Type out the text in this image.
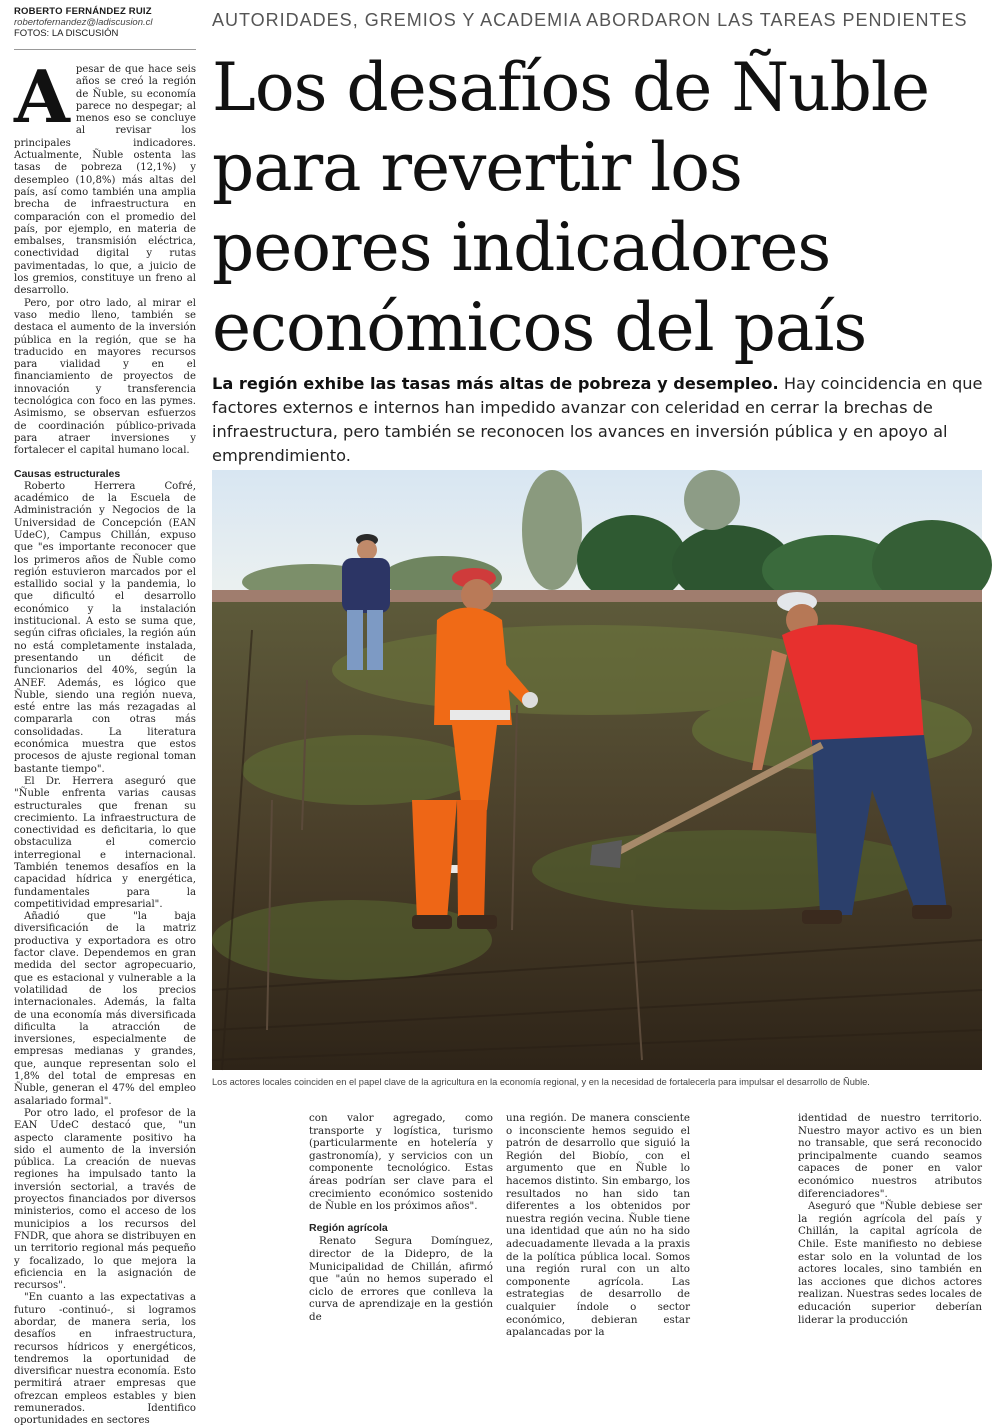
ROBERTO FERNÁNDEZ RUIZ
robertofernandez@ladiscusion.cl
FOTOS: LA DISCUSIÓN
AUTORIDADES, GREMIOS Y ACADEMIA ABORDARON LAS TAREAS PENDIENTES
Los desafíos de Ñuble
para revertir los
peores indicadores
económicos del país

La región exhibe las tasas más altas de pobreza y desempleo. Hay coincidencia en que factores externos e internos han impedido avanzar con celeridad en cerrar la brechas de infraestructura, pero también se reconocen los avances en inversión pública y en apoyo al emprendimiento.

Apesar de que hace seis años se creó la región de Ñuble, su economía parece no despegar; al menos eso se concluye al revisar los principales indicadores. Actualmente, Ñuble ostenta las tasas de pobreza (12,1%) y desempleo (10,8%) más altas del país, así como también una amplia brecha de infraestructura en comparación con el promedio del país, por ejemplo, en materia de embalses, transmisión eléctrica, conectividad digital y rutas pavimentadas, lo que, a juicio de los gremios, constituye un freno al desarrollo.

Pero, por otro lado, al mirar el vaso medio lleno, también se destaca el aumento de la inversión pública en la región, que se ha traducido en mayores recursos para vialidad y en el financiamiento de proyectos de innovación y transferencia tecnológica con foco en las pymes. Asimismo, se observan esfuerzos de coordinación público-privada para atraer inversiones y fortalecer el capital humano local.

Causas estructurales

Roberto Herrera Cofré, académico de la Escuela de Administración y Negocios de la Universidad de Concepción (EAN UdeC), Campus Chillán, expuso que "es importante reconocer que los primeros años de Ñuble como región estuvieron marcados por el estallido social y la pandemia, lo que dificultó el desarrollo económico y la instalación institucional. A esto se suma que, según cifras oficiales, la región aún no está completamente instalada, presentando un déficit de funcionarios del 40%, según la ANEF. Además, es lógico que Ñuble, siendo una región nueva, esté entre las más rezagadas al compararla con otras más consolidadas. La literatura económica muestra que estos procesos de ajuste regional toman bastante tiempo".

El Dr. Herrera aseguró que "Ñuble enfrenta varias causas estructurales que frenan su crecimiento. La infraestructura de conectividad es deficitaria, lo que obstaculiza el comercio interregional e internacional. También tenemos desafíos en la capacidad hídrica y energética, fundamentales para la competitividad empresarial".

Añadió que "la baja diversificación de la matriz productiva y exportadora es otro factor clave. Dependemos en gran medida del sector agropecuario, que es estacional y vulnerable a la volatilidad de los precios internacionales. Además, la falta de una economía más diversificada dificulta la atracción de inversiones, especialmente de empresas medianas y grandes, que, aunque representan solo el 1,8% del total de empresas en Ñuble, generan el 47% del empleo asalariado formal".

Por otro lado, el profesor de la EAN UdeC destacó que, "un aspecto claramente positivo ha sido el aumento de la inversión pública. La creación de nuevas regiones ha impulsado tanto la inversión sectorial, a través de proyectos financiados por diversos ministerios, como el acceso de los municipios a los recursos del FNDR, que ahora se distribuyen en un territorio regional más pequeño y focalizado, lo que mejora la eficiencia en la asignación de recursos".

"En cuanto a las expectativas a futuro -continuó-, si logramos abordar, de manera seria, los desafíos en infraestructura, recursos hídricos y energéticos, tendremos la oportunidad de diversificar nuestra economía. Esto permitirá atraer empresas que ofrezcan empleos estables y bien remunerados. Identifico oportunidades en sectores

Los actores locales coinciden en el papel clave de la agricultura en la economía regional, y en la necesidad de fortalecerla para impulsar el desarrollo de Ñuble.

con valor agregado, como transporte y logística, turismo (particularmente en hotelería y gastronomía), y servicios con un componente tecnológico. Estas áreas podrían ser clave para el crecimiento económico sostenido de Ñuble en los próximos años".

Región agrícola

Renato Segura Domínguez, director de la Didepro, de la Municipalidad de Chillán, afirmó que "aún no hemos superado el ciclo de errores que conlleva la curva de aprendizaje en la gestión de

una región. De manera consciente o inconsciente hemos seguido el patrón de desarrollo que siguió la Región del Biobío, con el argumento que en Ñuble lo hacemos distinto. Sin embargo, los resultados no han sido tan diferentes a los obtenidos por nuestra región vecina. Ñuble tiene una identidad que aún no ha sido adecuadamente llevada a la praxis de la política pública local. Somos una región rural con un alto componente agrícola. Las estrategias de desarrollo de cualquier índole o sector económico, debieran estar apalancadas por la

identidad de nuestro territorio. Nuestro mayor activo es un bien no transable, que será reconocido principalmente cuando seamos capaces de poner en valor económico nuestros atributos diferenciadores".

Aseguró que "Ñuble debiese ser la región agrícola del país y Chillán, la capital agrícola de Chile. Este manifiesto no debiese estar solo en la voluntad de los actores locales, sino también en las acciones que dichos actores realizan. Nuestras sedes locales de educación superior deberían liderar la producción
